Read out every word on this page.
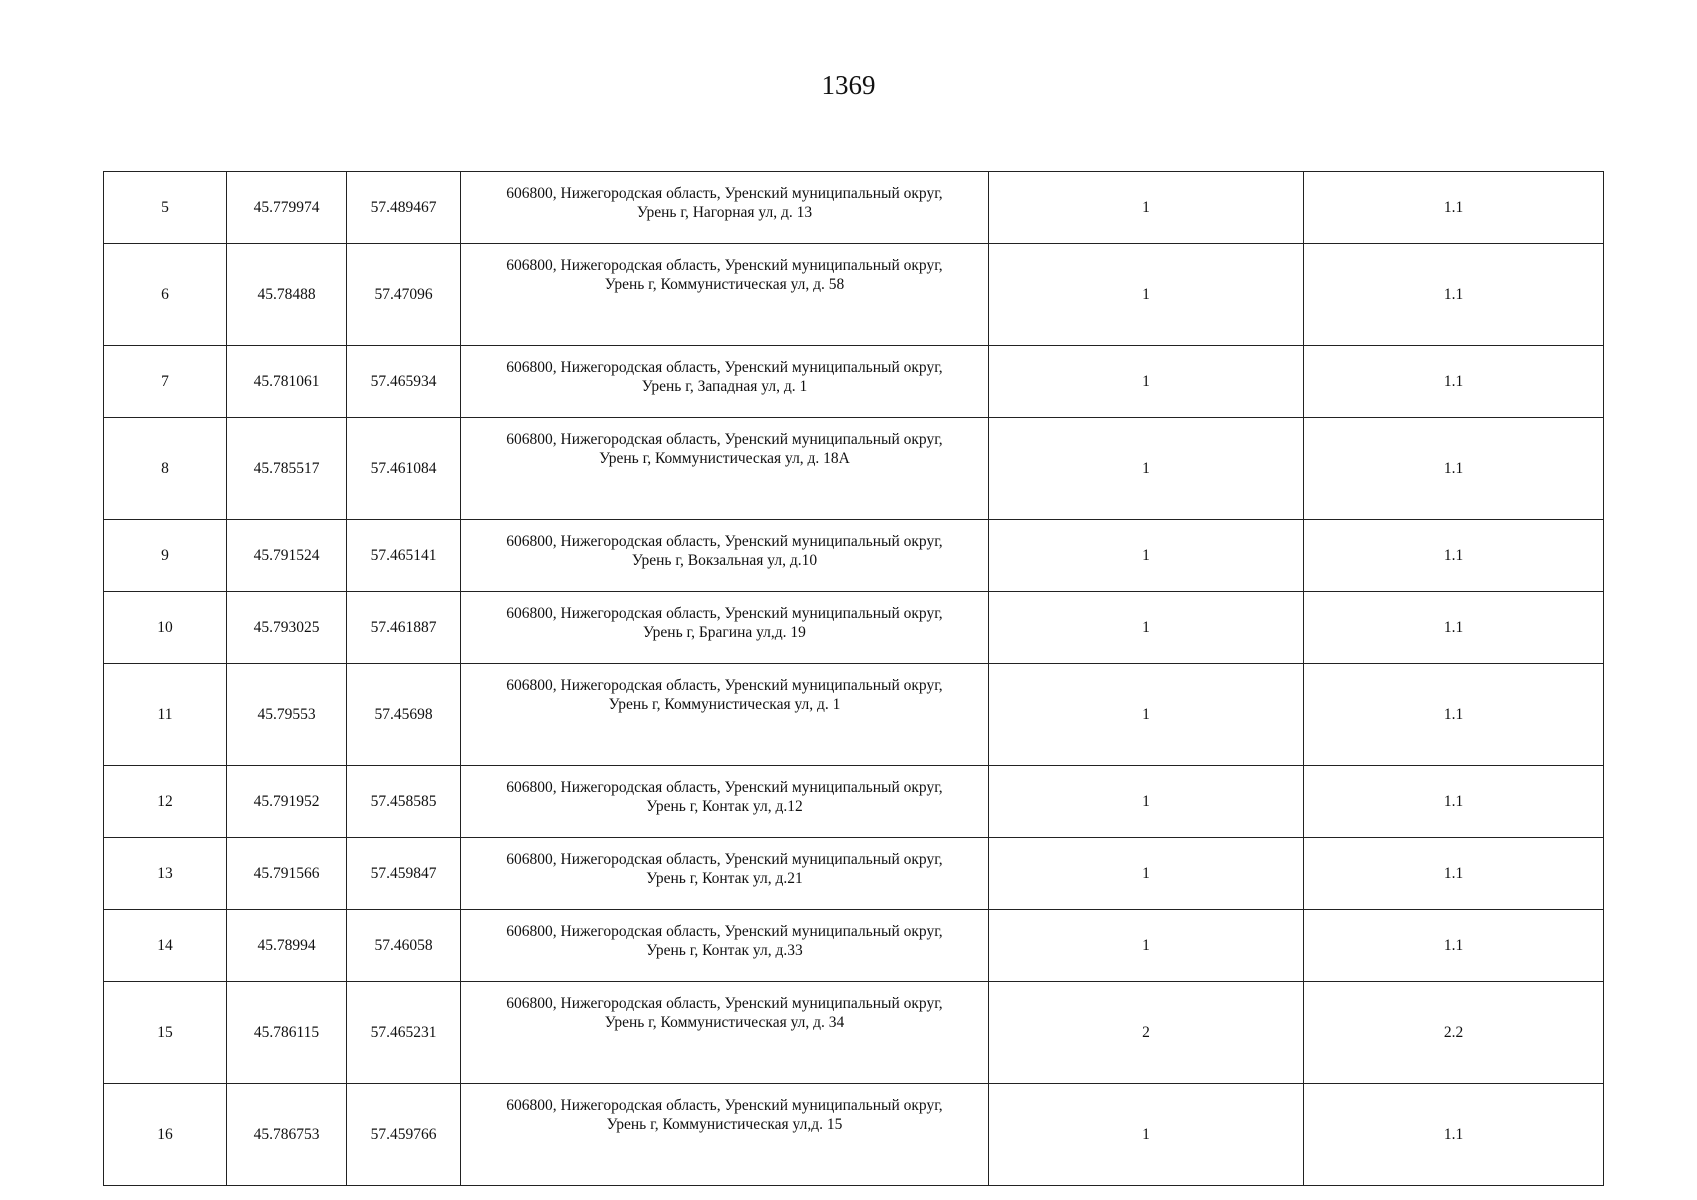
1369
5	45.779974	57.489467	606800, Нижегородская область, Уренский муниципальный округ,
Урень г, Нагорная ул, д. 13	1	1.1
6	45.78488	57.47096	606800, Нижегородская область, Уренский муниципальный округ,
Урень г, Коммунистическая ул, д. 58	1	1.1
7	45.781061	57.465934	606800, Нижегородская область, Уренский муниципальный округ,
Урень г, Западная ул, д. 1	1	1.1
8	45.785517	57.461084	606800, Нижегородская область, Уренский муниципальный округ,
Урень г, Коммунистическая ул, д. 18А	1	1.1
9	45.791524	57.465141	606800, Нижегородская область, Уренский муниципальный округ,
Урень г, Вокзальная ул, д.10	1	1.1
10	45.793025	57.461887	606800, Нижегородская область, Уренский муниципальный округ,
Урень г, Брагина ул,д. 19	1	1.1
11	45.79553	57.45698	606800, Нижегородская область, Уренский муниципальный округ,
Урень г, Коммунистическая ул, д. 1	1	1.1
12	45.791952	57.458585	606800, Нижегородская область, Уренский муниципальный округ,
Урень г, Контак ул, д.12	1	1.1
13	45.791566	57.459847	606800, Нижегородская область, Уренский муниципальный округ,
Урень г, Контак ул, д.21	1	1.1
14	45.78994	57.46058	606800, Нижегородская область, Уренский муниципальный округ,
Урень г, Контак ул, д.33	1	1.1
15	45.786115	57.465231	606800, Нижегородская область, Уренский муниципальный округ,
Урень г, Коммунистическая ул, д. 34	2	2.2
16	45.786753	57.459766	606800, Нижегородская область, Уренский муниципальный округ,
Урень г, Коммунистическая ул,д. 15	1	1.1
